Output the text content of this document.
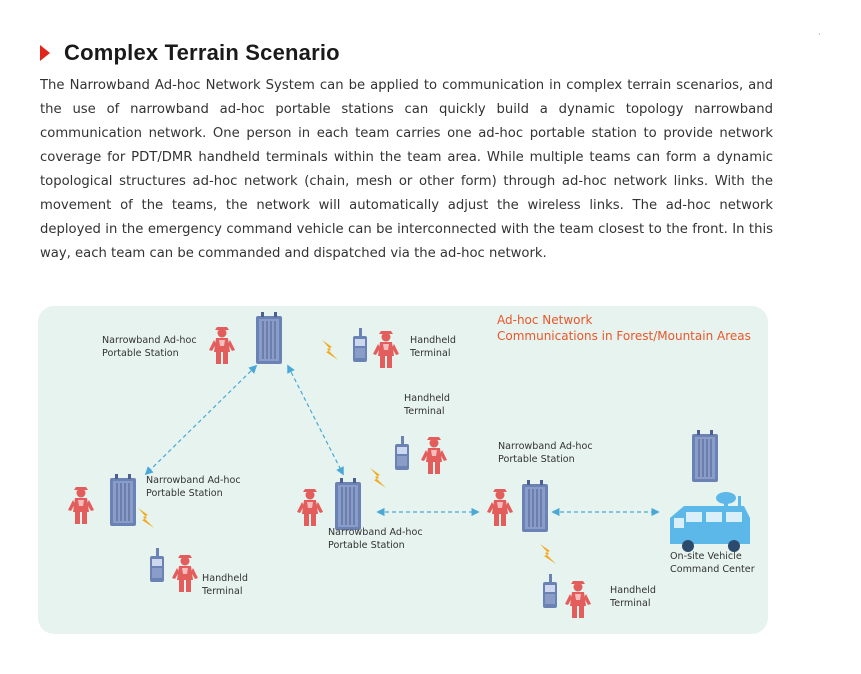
Complex Terrain Scenario
·
The Narrowband Ad-hoc Network System can be applied to communication in complex terrain scenarios, and the use of narrowband ad-hoc portable stations can quickly build a dynamic topology narrowband communication network. One person in each team carries one ad-hoc portable station to provide network coverage for PDT/DMR handheld terminals within the team area. While multiple teams can form a dynamic topological structures ad-hoc network (chain, mesh or other form) through ad-hoc network links. With the movement of the teams, the network will automatically adjust the wireless links. The ad-hoc network deployed in the emergency command vehicle can be interconnected with the team closest to the front. In this way, each team can be commanded and dispatched via the ad-hoc network.
Ad-hoc Network
Communications in Forest/Mountain Areas
Narrowband Ad-hoc
Portable Station
Handheld
Terminal
Handheld
Terminal
Narrowband Ad-hoc
Portable Station
Narrowband Ad-hoc
Portable Station
Narrowband Ad-hoc
Portable Station
Handheld
Terminal	Handheld
Terminal
On-site Vehicle
Command Center
